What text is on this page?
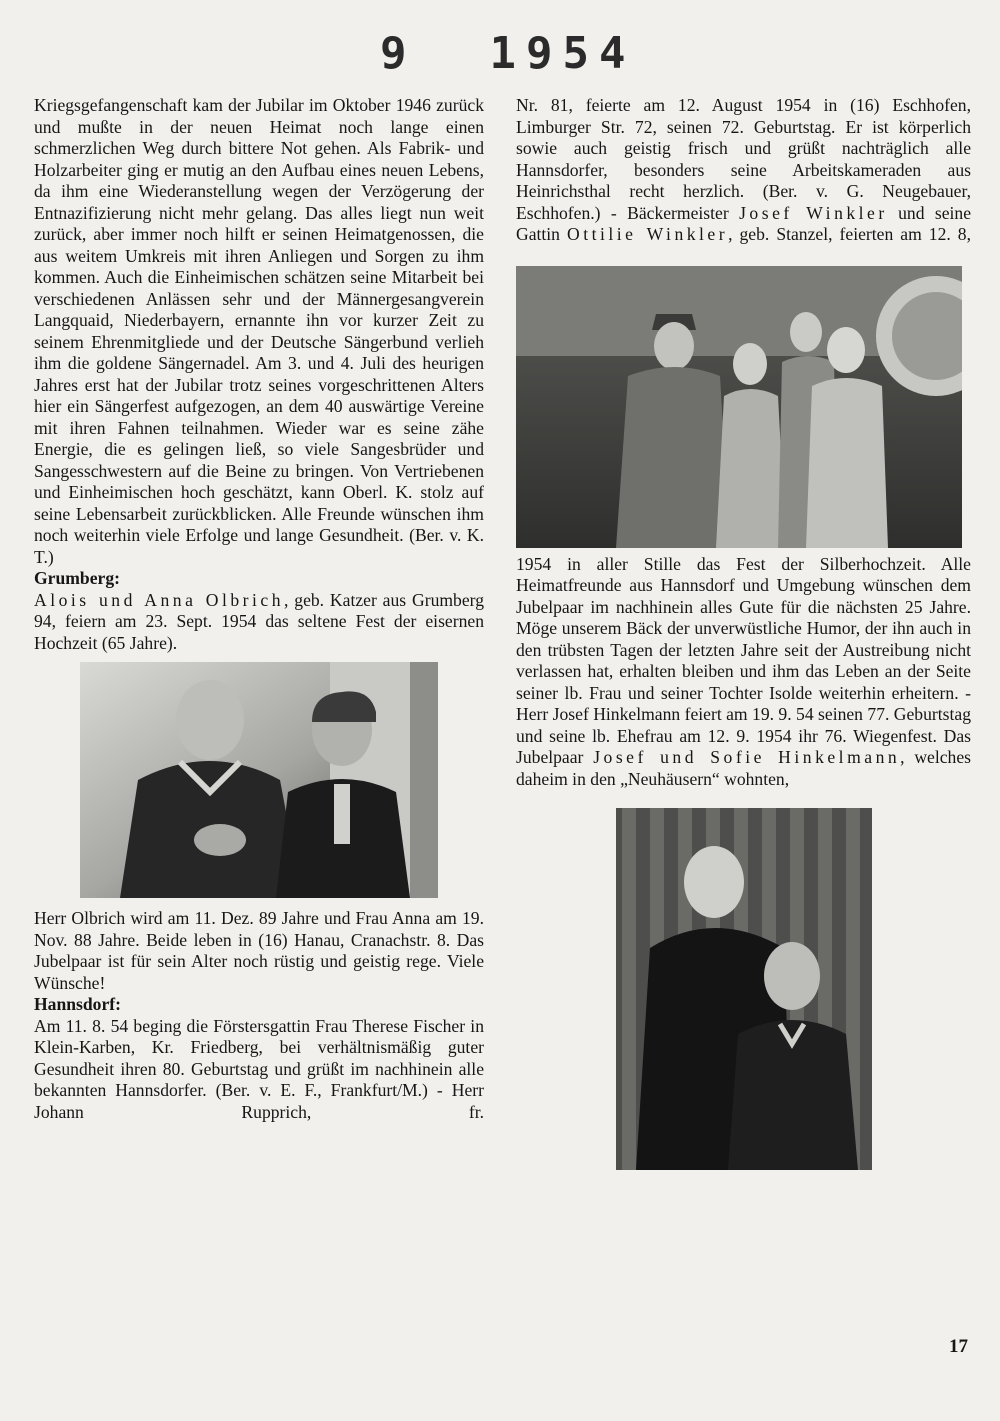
9  1954

Kriegsgefangenschaft kam der Jubilar im Oktober 1946 zurück und mußte in der neuen Heimat noch lange einen schmerzlichen Weg durch bittere Not gehen. Als Fabrik- und Holzarbeiter ging er mutig an den Aufbau eines neuen Lebens, da ihm eine Wiederanstellung wegen der Verzögerung der Entnazifizierung nicht mehr gelang. Das alles liegt nun weit zurück, aber immer noch hilft er seinen Heimatgenossen, die aus weitem Umkreis mit ihren Anliegen und Sorgen zu ihm kommen. Auch die Einheimischen schätzen seine Mitarbeit bei verschiedenen Anlässen sehr und der Männergesangverein Langquaid, Niederbayern, ernannte ihn vor kurzer Zeit zu seinem Ehrenmitgliede und der Deutsche Sängerbund verlieh ihm die goldene Sängernadel. Am 3. und 4. Juli des heurigen Jahres erst hat der Jubilar trotz seines vorgeschrittenen Alters hier ein Sängerfest aufgezogen, an dem 40 auswärtige Vereine mit ihren Fahnen teilnahmen. Wieder war es seine zähe Energie, die es gelingen ließ, so viele Sangesbrüder und Sangesschwestern auf die Beine zu bringen. Von Vertriebenen und Einheimischen hoch geschätzt, kann Oberl. K. stolz auf seine Lebensarbeit zurückblicken. Alle Freunde wünschen ihm noch weiterhin viele Erfolge und lange Gesundheit. (Ber. v. K. T.)

Grumberg:

Alois und Anna Olbrich, geb. Katzer aus Grumberg 94, feiern am 23. Sept. 1954 das seltene Fest der eisernen Hochzeit (65 Jahre).

Herr Olbrich wird am 11. Dez. 89 Jahre und Frau Anna am 19. Nov. 88 Jahre. Beide leben in (16) Hanau, Cranachstr. 8. Das Jubelpaar ist für sein Alter noch rüstig und geistig rege. Viele Wünsche!

Hannsdorf:

Am 11. 8. 54 beging die Förstersgattin Frau Therese Fischer in Klein-Karben, Kr. Friedberg, bei verhältnismäßig guter Gesundheit ihren 80. Geburtstag und grüßt im nachhinein alle bekannten Hannsdorfer. (Ber. v. E. F., Frankfurt/M.) - Herr Johann Rupprich, fr.

Nr. 81, feierte am 12. August 1954 in (16) Eschhofen, Limburger Str. 72, seinen 72. Geburtstag. Er ist körperlich sowie auch geistig frisch und grüßt nachträglich alle Hannsdorfer, besonders seine Arbeitskameraden aus Heinrichsthal recht herzlich. (Ber. v. G. Neugebauer, Eschhofen.) - Bäckermeister Josef Winkler und seine Gattin Ottilie Winkler, geb. Stanzel, feierten am 12. 8,

1954 in aller Stille das Fest der Silberhochzeit. Alle Heimatfreunde aus Hannsdorf und Umgebung wünschen dem Jubelpaar im nachhinein alles Gute für die nächsten 25 Jahre. Möge unserem Bäck der unverwüstliche Humor, der ihn auch in den trübsten Tagen der letzten Jahre seit der Austreibung nicht verlassen hat, erhalten bleiben und ihm das Leben an der Seite seiner lb. Frau und seiner Tochter Isolde weiterhin erheitern. - Herr Josef Hinkelmann feiert am 19. 9. 54 seinen 77. Geburtstag und seine lb. Ehefrau am 12. 9. 1954 ihr 76. Wiegenfest. Das Jubelpaar Josef und Sofie Hinkelmann, welches daheim in den „Neuhäusern“ wohnten,

17
